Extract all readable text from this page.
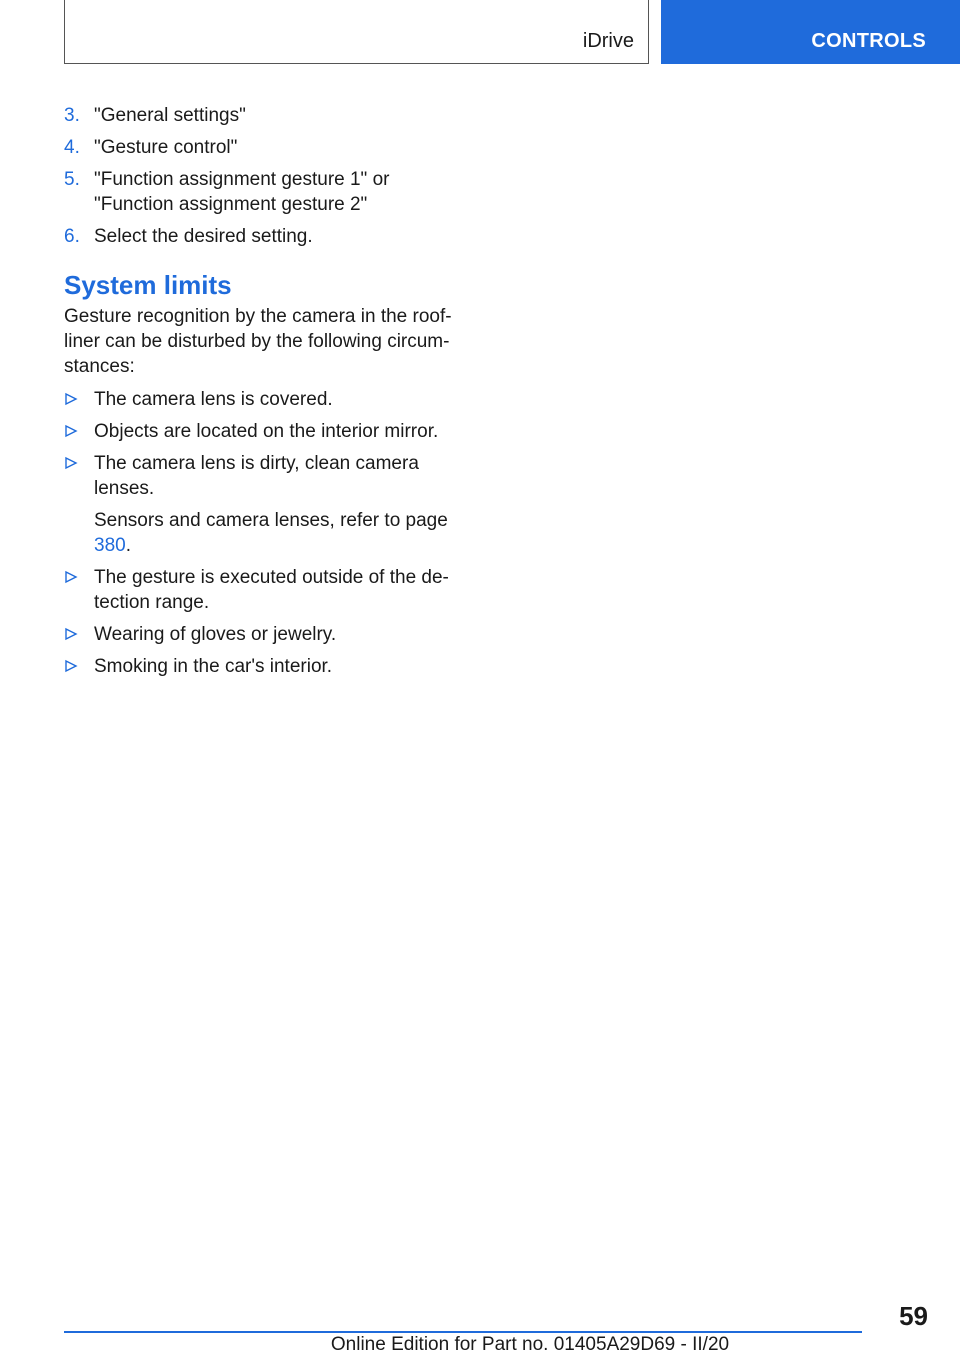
iDrive	CONTROLS
3. "General settings"
4. "Gesture control"
5. "Function assignment gesture 1" or "Function assignment gesture 2"
6. Select the desired setting.
System limits

Gesture recognition by the camera in the roof-liner can be disturbed by the following circum-stances:

The camera lens is covered.
Objects are located on the interior mirror.
The camera lens is dirty, clean camera lenses.
Sensors and camera lenses, refer to page 380.
The gesture is executed outside of the de-tection range.
Wearing of gloves or jewelry.
Smoking in the car's interior.
59
Online Edition for Part no. 01405A29D69 - II/20
